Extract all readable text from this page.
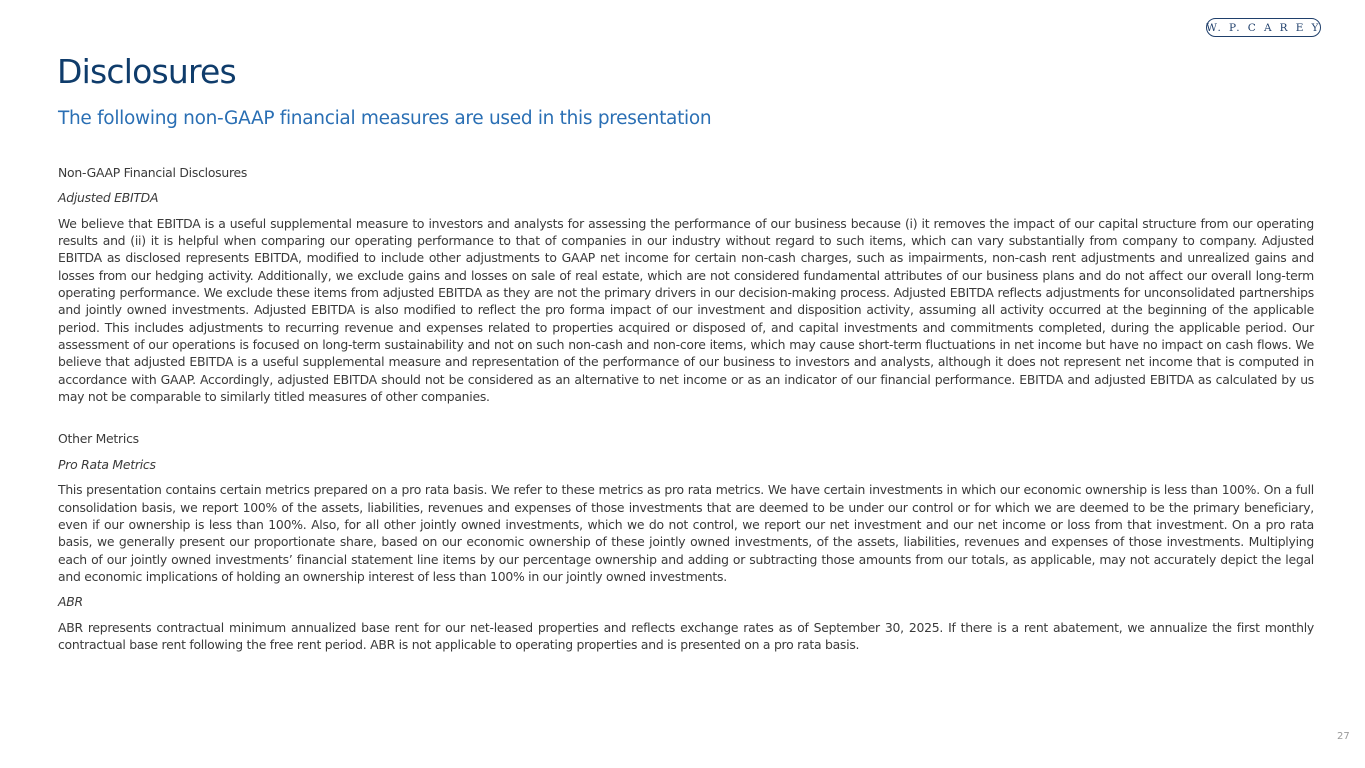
W. P. C A R E Y
Disclosures
The following non-GAAP financial measures are used in this presentation
Non-GAAP Financial Disclosures
Adjusted EBITDA

We believe that EBITDA is a useful supplemental measure to investors and analysts for assessing the performance of our business because (i) it removes the impact of our capital structure from our operating results and (ii) it is helpful when comparing our operating performance to that of companies in our industry without regard to such items, which can vary substantially from company to company. Adjusted EBITDA as disclosed represents EBITDA, modified to include other adjustments to GAAP net income for certain non-cash charges, such as impairments, non-cash rent adjustments and unrealized gains and losses from our hedging activity. Additionally, we exclude gains and losses on sale of real estate, which are not considered fundamental attributes of our business plans and do not affect our overall long-term operating performance. We exclude these items from adjusted EBITDA as they are not the primary drivers in our decision-making process. Adjusted EBITDA reflects adjustments for unconsolidated partnerships and jointly owned investments. Adjusted EBITDA is also modified to reflect the pro forma impact of our investment and disposition activity, assuming all activity occurred at the beginning of the applicable period. This includes adjustments to recurring revenue and expenses related to properties acquired or disposed of, and capital investments and commitments completed, during the applicable period. Our assessment of our operations is focused on long-term sustainability and not on such non-cash and non-core items, which may cause short-term fluctuations in net income but have no impact on cash flows. We believe that adjusted EBITDA is a useful supplemental measure and representation of the performance of our business to investors and analysts, although it does not represent net income that is computed in accordance with GAAP. Accordingly, adjusted EBITDA should not be considered as an alternative to net income or as an indicator of our financial performance. EBITDA and adjusted EBITDA as calculated by us may not be comparable to similarly titled measures of other companies.

Other Metrics
Pro Rata Metrics

This presentation contains certain metrics prepared on a pro rata basis. We refer to these metrics as pro rata metrics. We have certain investments in which our economic ownership is less than 100%. On a full consolidation basis, we report 100% of the assets, liabilities, revenues and expenses of those investments that are deemed to be under our control or for which we are deemed to be the primary beneficiary, even if our ownership is less than 100%. Also, for all other jointly owned investments, which we do not control, we report our net investment and our net income or loss from that investment. On a pro rata basis, we generally present our proportionate share, based on our economic ownership of these jointly owned investments, of the assets, liabilities, revenues and expenses of those investments. Multiplying each of our jointly owned investments’ financial statement line items by our percentage ownership and adding or subtracting those amounts from our totals, as applicable, may not accurately depict the legal and economic implications of holding an ownership interest of less than 100% in our jointly owned investments.

ABR

ABR represents contractual minimum annualized base rent for our net-leased properties and reflects exchange rates as of September 30, 2025. If there is a rent abatement, we annualize the first monthly contractual base rent following the free rent period. ABR is not applicable to operating properties and is presented on a pro rata basis.

27
